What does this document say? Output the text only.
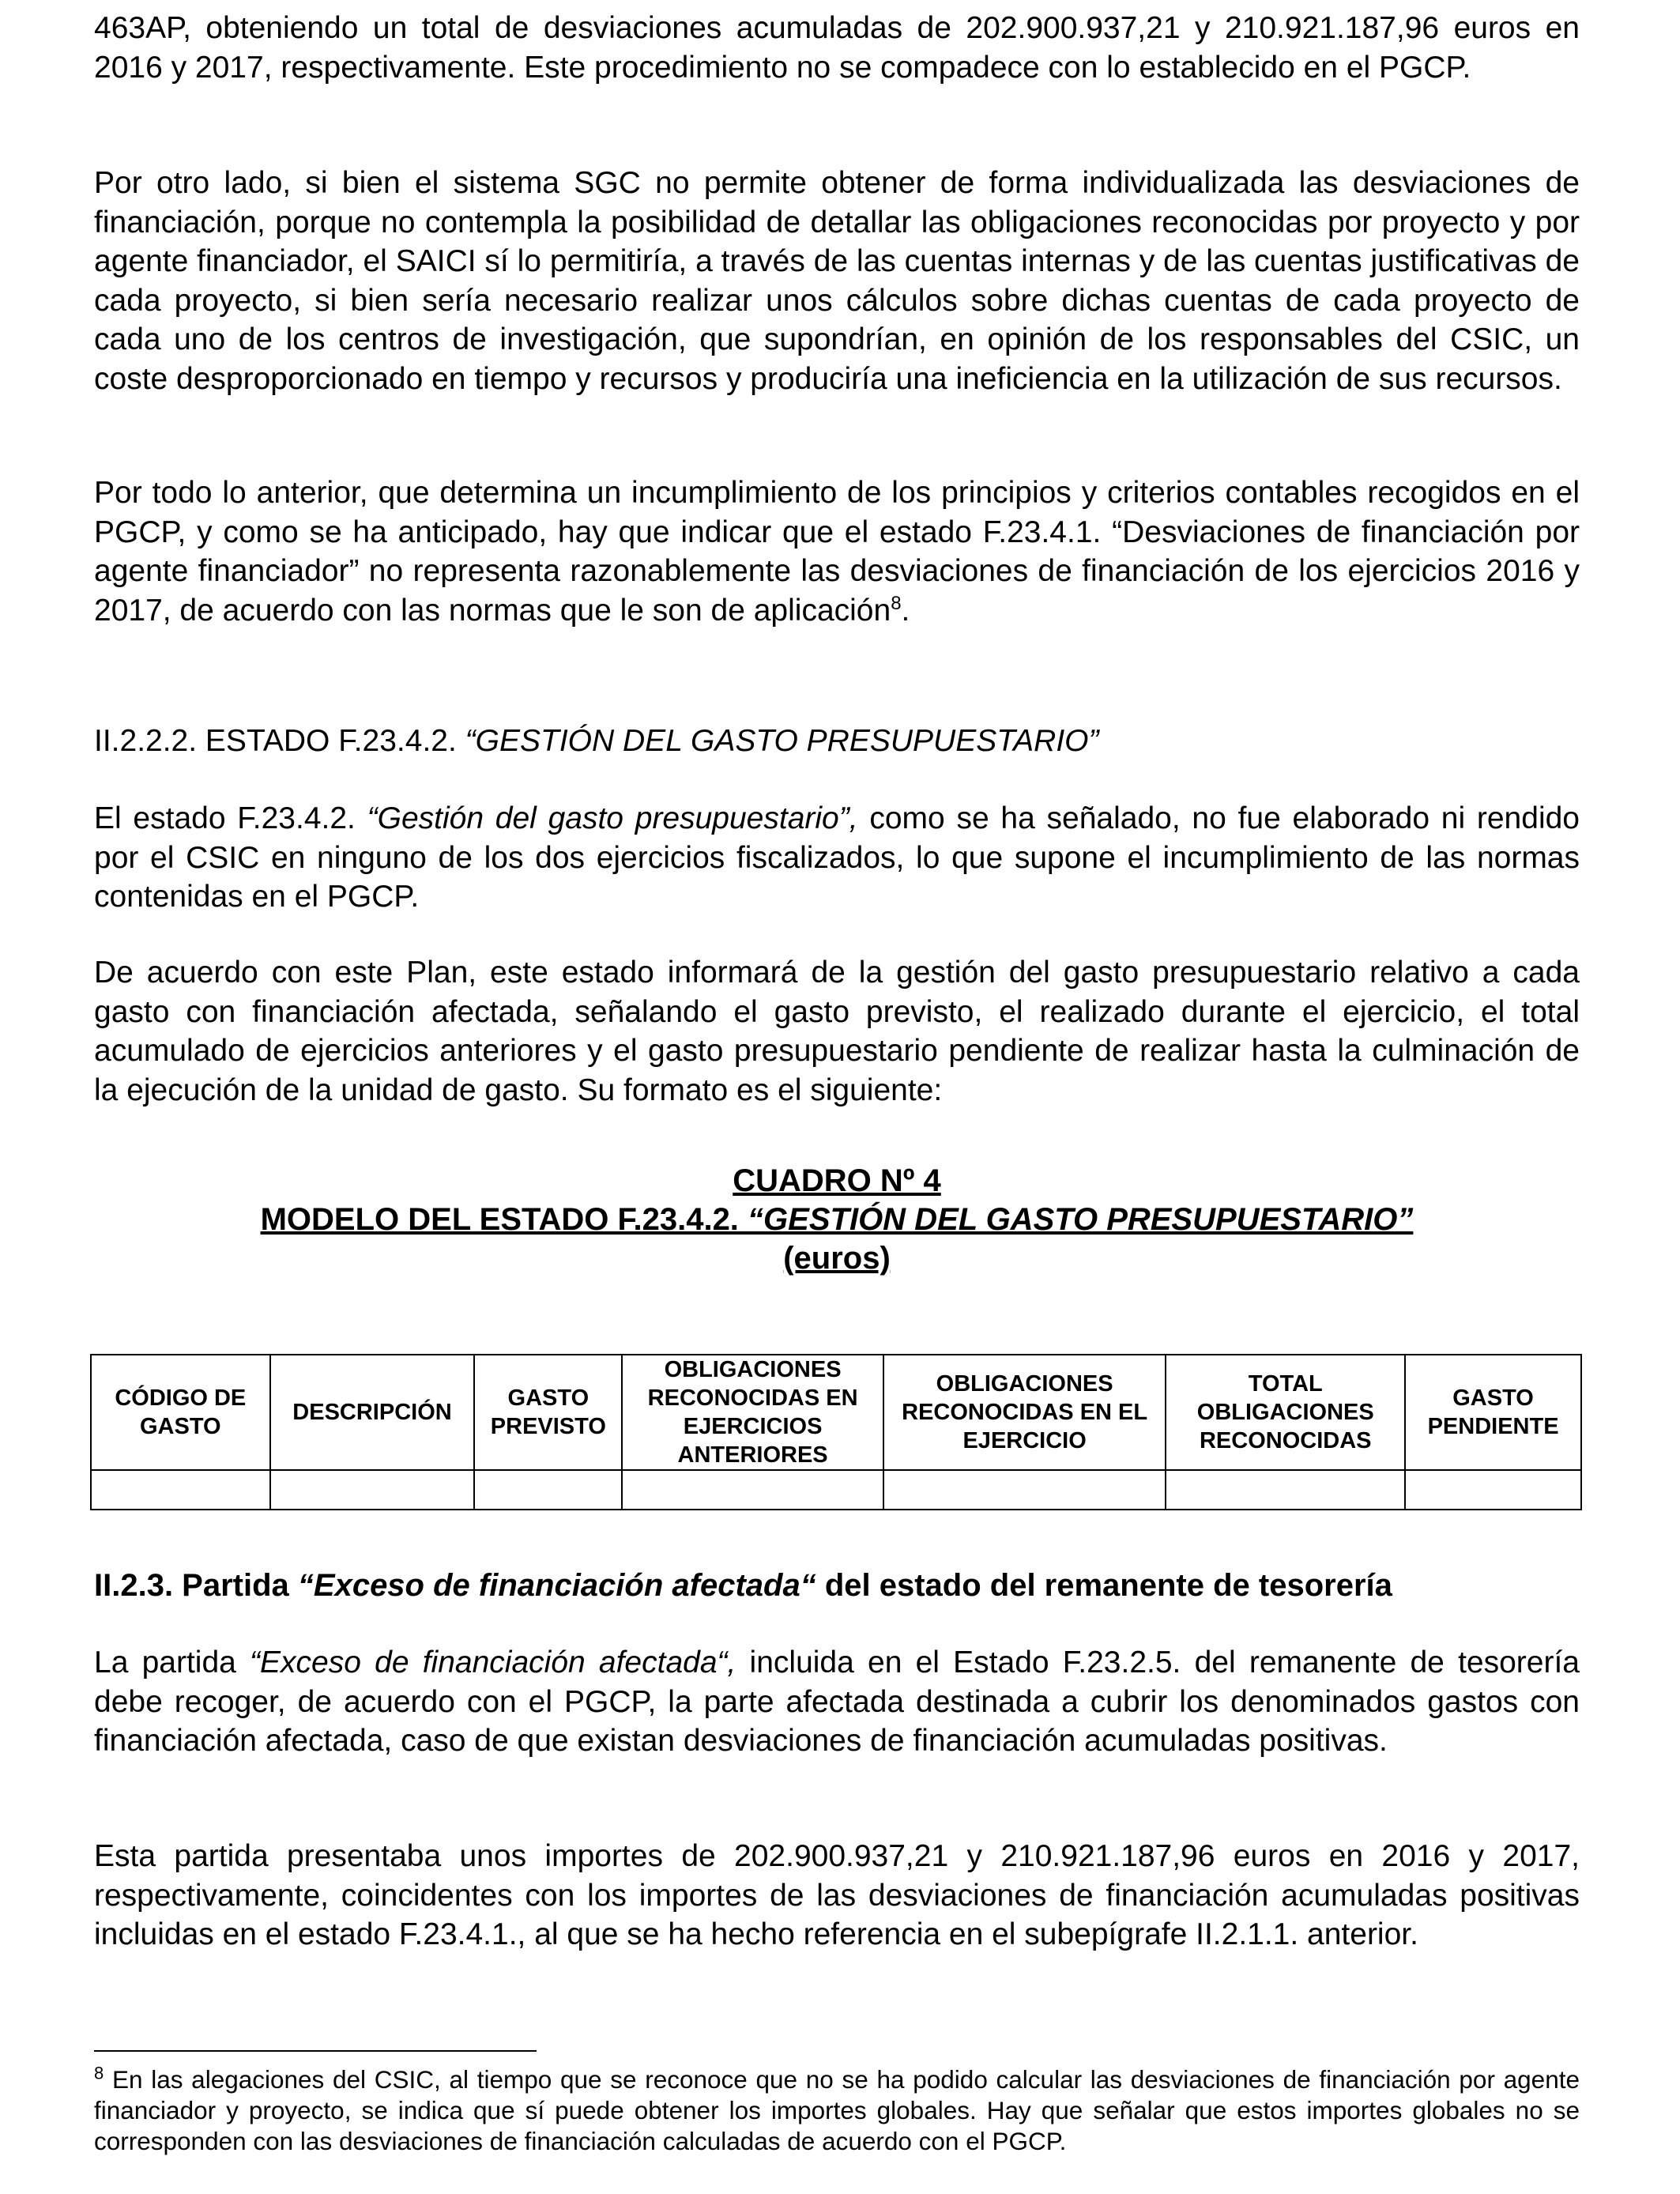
463AP, obteniendo un total de desviaciones acumuladas de 202.900.937,21 y 210.921.187,96 euros en 2016 y 2017, respectivamente. Este procedimiento no se compadece con lo establecido en el PGCP.

Por otro lado, si bien el sistema SGC no permite obtener de forma individualizada las desviaciones de financiación, porque no contempla la posibilidad de detallar las obligaciones reconocidas por proyecto y por agente financiador, el SAICI sí lo permitiría, a través de las cuentas internas y de las cuentas justificativas de cada proyecto, si bien sería necesario realizar unos cálculos sobre dichas cuentas de cada proyecto de cada uno de los centros de investigación, que supondrían, en opinión de los responsables del CSIC, un coste desproporcionado en tiempo y recursos y produciría una ineficiencia en la utilización de sus recursos.

Por todo lo anterior, que determina un incumplimiento de los principios y criterios contables recogidos en el PGCP, y como se ha anticipado, hay que indicar que el estado F.23.4.1. “Desviaciones de financiación por agente financiador” no representa razonablemente las desviaciones de financiación de los ejercicios 2016 y 2017, de acuerdo con las normas que le son de aplicación$^8$.

II.2.2.2. ESTADO F.23.4.2. “GESTIÓN DEL GASTO PRESUPUESTARIO”

El estado F.23.4.2. “Gestión del gasto presupuestario”, como se ha señalado, no fue elaborado ni rendido por el CSIC en ninguno de los dos ejercicios fiscalizados, lo que supone el incumplimiento de las normas contenidas en el PGCP.

De acuerdo con este Plan, este estado informará de la gestión del gasto presupuestario relativo a cada gasto con financiación afectada, señalando el gasto previsto, el realizado durante el ejercicio, el total acumulado de ejercicios anteriores y el gasto presupuestario pendiente de realizar hasta la culminación de la ejecución de la unidad de gasto. Su formato es el siguiente:

CUADRO Nº 4
MODELO DEL ESTADO F.23.4.2. “GESTIÓN DEL GASTO PRESUPUESTARIO”
(euros)
CÓDIGO DE GASTO	DESCRIPCIÓN	GASTO PREVISTO	OBLIGACIONES RECONOCIDAS EN EJERCICIOS ANTERIORES	OBLIGACIONES RECONOCIDAS EN EL EJERCICIO	TOTAL OBLIGACIONES RECONOCIDAS	GASTO PENDIENTE

II.2.3. Partida “Exceso de financiación afectada“ del estado del remanente de tesorería

La partida “Exceso de financiación afectada“, incluida en el Estado F.23.2.5. del remanente de tesorería debe recoger, de acuerdo con el PGCP, la parte afectada destinada a cubrir los denominados gastos con financiación afectada, caso de que existan desviaciones de financiación acumuladas positivas.

Esta partida presentaba unos importes de 202.900.937,21 y 210.921.187,96 euros en 2016 y 2017, respectivamente, coincidentes con los importes de las desviaciones de financiación acumuladas positivas incluidas en el estado F.23.4.1., al que se ha hecho referencia en el subepígrafe II.2.1.1. anterior.

$^8$ En las alegaciones del CSIC, al tiempo que se reconoce que no se ha podido calcular las desviaciones de financiación por agente financiador y proyecto, se indica que sí puede obtener los importes globales. Hay que señalar que estos importes globales no se corresponden con las desviaciones de financiación calculadas de acuerdo con el PGCP.
